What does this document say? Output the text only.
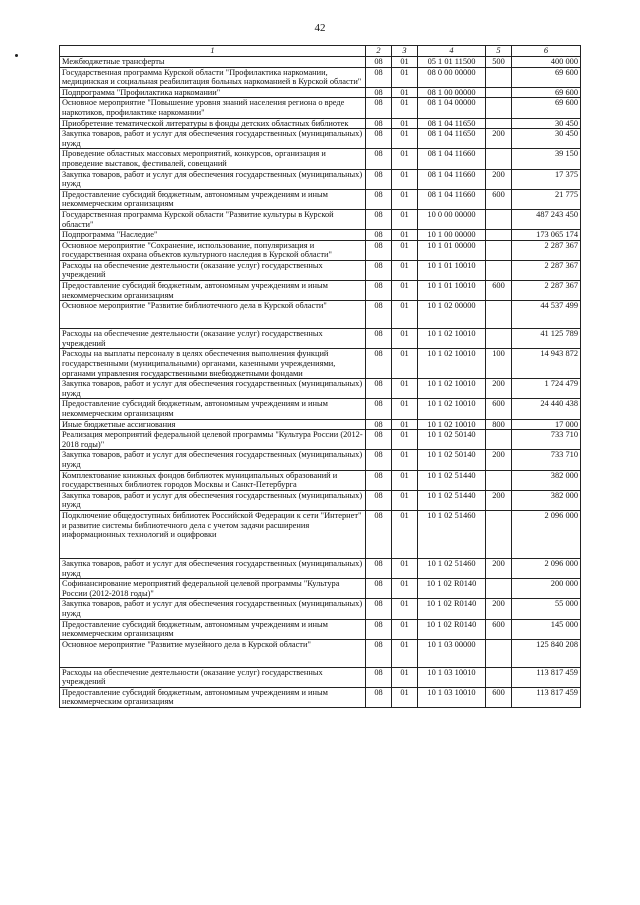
42
1	2	3	4	5	6
Межбюджетные трансферты	08	01	05 1 01 11500	500	400 000
Государственная программа Курской области "Профилактика наркомании, медицинская и социальная реабилитация больных наркоманией в Курской области"	08	01	08 0 00 00000		69 600
Подпрограмма "Профилактика наркомании"	08	01	08 1 00 00000		69 600
Основное мероприятие "Повышение уровня знаний населения региона о вреде наркотиков, профилактике наркомании"	08	01	08 1 04 00000		69 600
Приобретение тематической литературы в фонды детских областных библиотек	08	01	08 1 04 11650		30 450
Закупка товаров, работ и услуг для обеспечения государственных (муниципальных) нужд	08	01	08 1 04 11650	200	30 450
Проведение областных массовых мероприятий, конкурсов, организация и проведение выставок, фестивалей, совещаний	08	01	08 1 04 11660		39 150
Закупка товаров, работ и услуг для обеспечения государственных (муниципальных) нужд	08	01	08 1 04 11660	200	17 375
Предоставление субсидий бюджетным, автономным учреждениям и иным некоммерческим организациям	08	01	08 1 04 11660	600	21 775
Государственная программа Курской области "Развитие культуры в Курской области"	08	01	10 0 00 00000		487 243 450
Подпрограмма "Наследие"	08	01	10 1 00 00000		173 065 174
Основное мероприятие "Сохранение, использование, популяризация и государственная охрана объектов культурного наследия в Курской области"	08	01	10 1 01 00000		2 287 367
Расходы на обеспечение деятельности (оказание услуг) государственных учреждений	08	01	10 1 01 10010		2 287 367
Предоставление субсидий бюджетным, автономным учреждениям и иным некоммерческим организациям	08	01	10 1 01 10010	600	2 287 367
Основное мероприятие "Развитие библиотечного дела в Курской области"	08	01	10 1 02 00000		44 537 499
Расходы на обеспечение деятельности (оказание услуг) государственных учреждений	08	01	10 1 02 10010		41 125 789
Расходы на выплаты персоналу в целях обеспечения выполнения функций государственными (муниципальными) органами, казенными учреждениями, органами управления государственными внебюджетными фондами	08	01	10 1 02 10010	100	14 943 872
Закупка товаров, работ и услуг для обеспечения государственных (муниципальных) нужд	08	01	10 1 02 10010	200	1 724 479
Предоставление субсидий бюджетным, автономным учреждениям и иным некоммерческим организациям	08	01	10 1 02 10010	600	24 440 438
Иные бюджетные ассигнования	08	01	10 1 02 10010	800	17 000
Реализация мероприятий федеральной целевой программы "Культура России (2012-2018 годы)"	08	01	10 1 02 50140		733 710
Закупка товаров, работ и услуг для обеспечения государственных (муниципальных) нужд	08	01	10 1 02 50140	200	733 710
Комплектование книжных фондов библиотек муниципальных образований и государственных библиотек городов Москвы и Санкт-Петербурга	08	01	10 1 02 51440		382 000
Закупка товаров, работ и услуг для обеспечения государственных (муниципальных) нужд	08	01	10 1 02 51440	200	382 000
Подключение общедоступных библиотек Российской Федерации к сети "Интернет" и развитие системы библиотечного дела с учетом задачи расширения информационных технологий и оцифровки	08	01	10 1 02 51460		2 096 000
Закупка товаров, работ и услуг для обеспечения государственных (муниципальных) нужд	08	01	10 1 02 51460	200	2 096 000
Софинансирование мероприятий федеральной целевой программы "Культура России (2012-2018 годы)"	08	01	10 1 02 R0140		200 000
Закупка товаров, работ и услуг для обеспечения государственных (муниципальных) нужд	08	01	10 1 02 R0140	200	55 000
Предоставление субсидий бюджетным, автономным учреждениям и иным некоммерческим организациям	08	01	10 1 02 R0140	600	145 000
Основное мероприятие "Развитие музейного дела в Курской области"	08	01	10 1 03 00000		125 840 208
Расходы на обеспечение деятельности (оказание услуг) государственных учреждений	08	01	10 1 03 10010		113 817 459
Предоставление субсидий бюджетным, автономным учреждениям и иным некоммерческим организациям	08	01	10 1 03 10010	600	113 817 459
